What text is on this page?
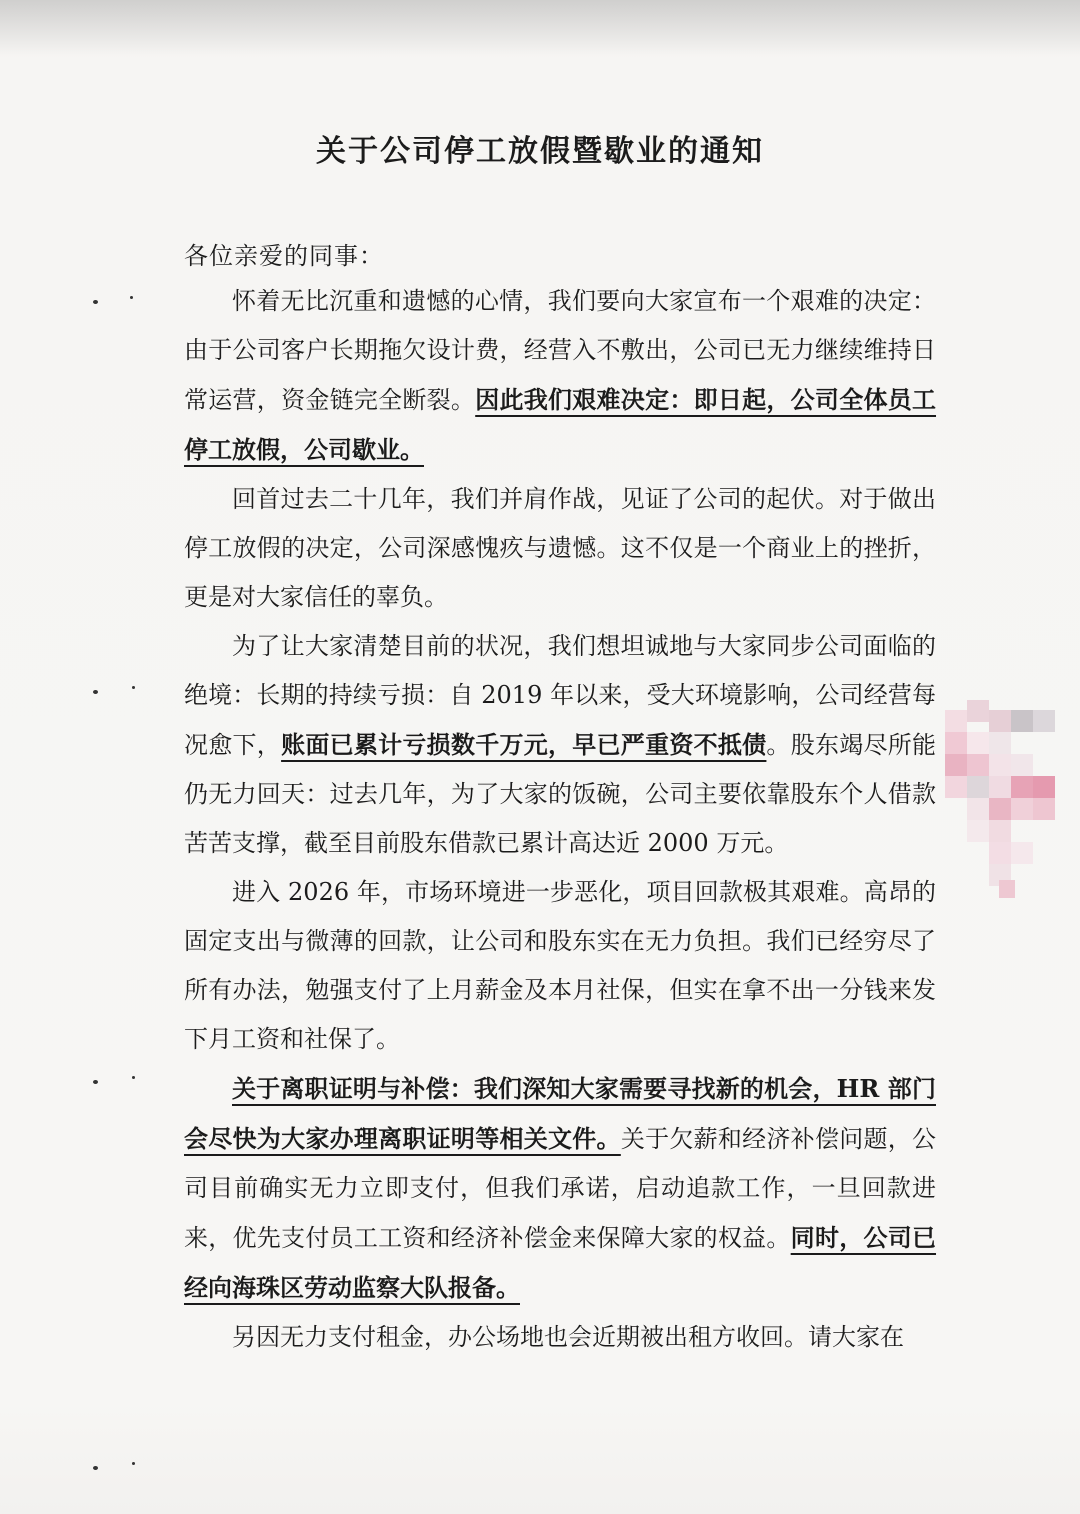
关于公司停工放假暨歇业的通知
各位亲爱的同事：

怀着无比沉重和遗憾的心情，我们要向大家宣布一个艰难的决定：由于公司客户长期拖欠设计费，经营入不敷出，公司已无力继续维持日常运营，资金链完全断裂。因此我们艰难决定：即日起，公司全体员工停工放假，公司歇业。

回首过去二十几年，我们并肩作战，见证了公司的起伏。对于做出停工放假的决定，公司深感愧疚与遗憾。这不仅是一个商业上的挫折，更是对大家信任的辜负。

为了让大家清楚目前的状况，我们想坦诚地与大家同步公司面临的绝境：长期的持续亏损：自 2019 年以来，受大环境影响，公司经营每况愈下，账面已累计亏损数千万元，早已严重资不抵债。股东竭尽所能仍无力回天：过去几年，为了大家的饭碗，公司主要依靠股东个人借款苦苦支撑，截至目前股东借款已累计高达近 2000 万元。

进入 2026 年，市场环境进一步恶化，项目回款极其艰难。高昂的固定支出与微薄的回款，让公司和股东实在无力负担。我们已经穷尽了所有办法，勉强支付了上月薪金及本月社保，但实在拿不出一分钱来发下月工资和社保了。

关于离职证明与补偿：我们深知大家需要寻找新的机会，HR 部门会尽快为大家办理离职证明等相关文件。关于欠薪和经济补偿问题，公司目前确实无力立即支付，但我们承诺，启动追款工作，一旦回款进来，优先支付员工工资和经济补偿金来保障大家的权益。同时，公司已经向海珠区劳动监察大队报备。

另因无力支付租金，办公场地也会近期被出租方收回。请大家在
